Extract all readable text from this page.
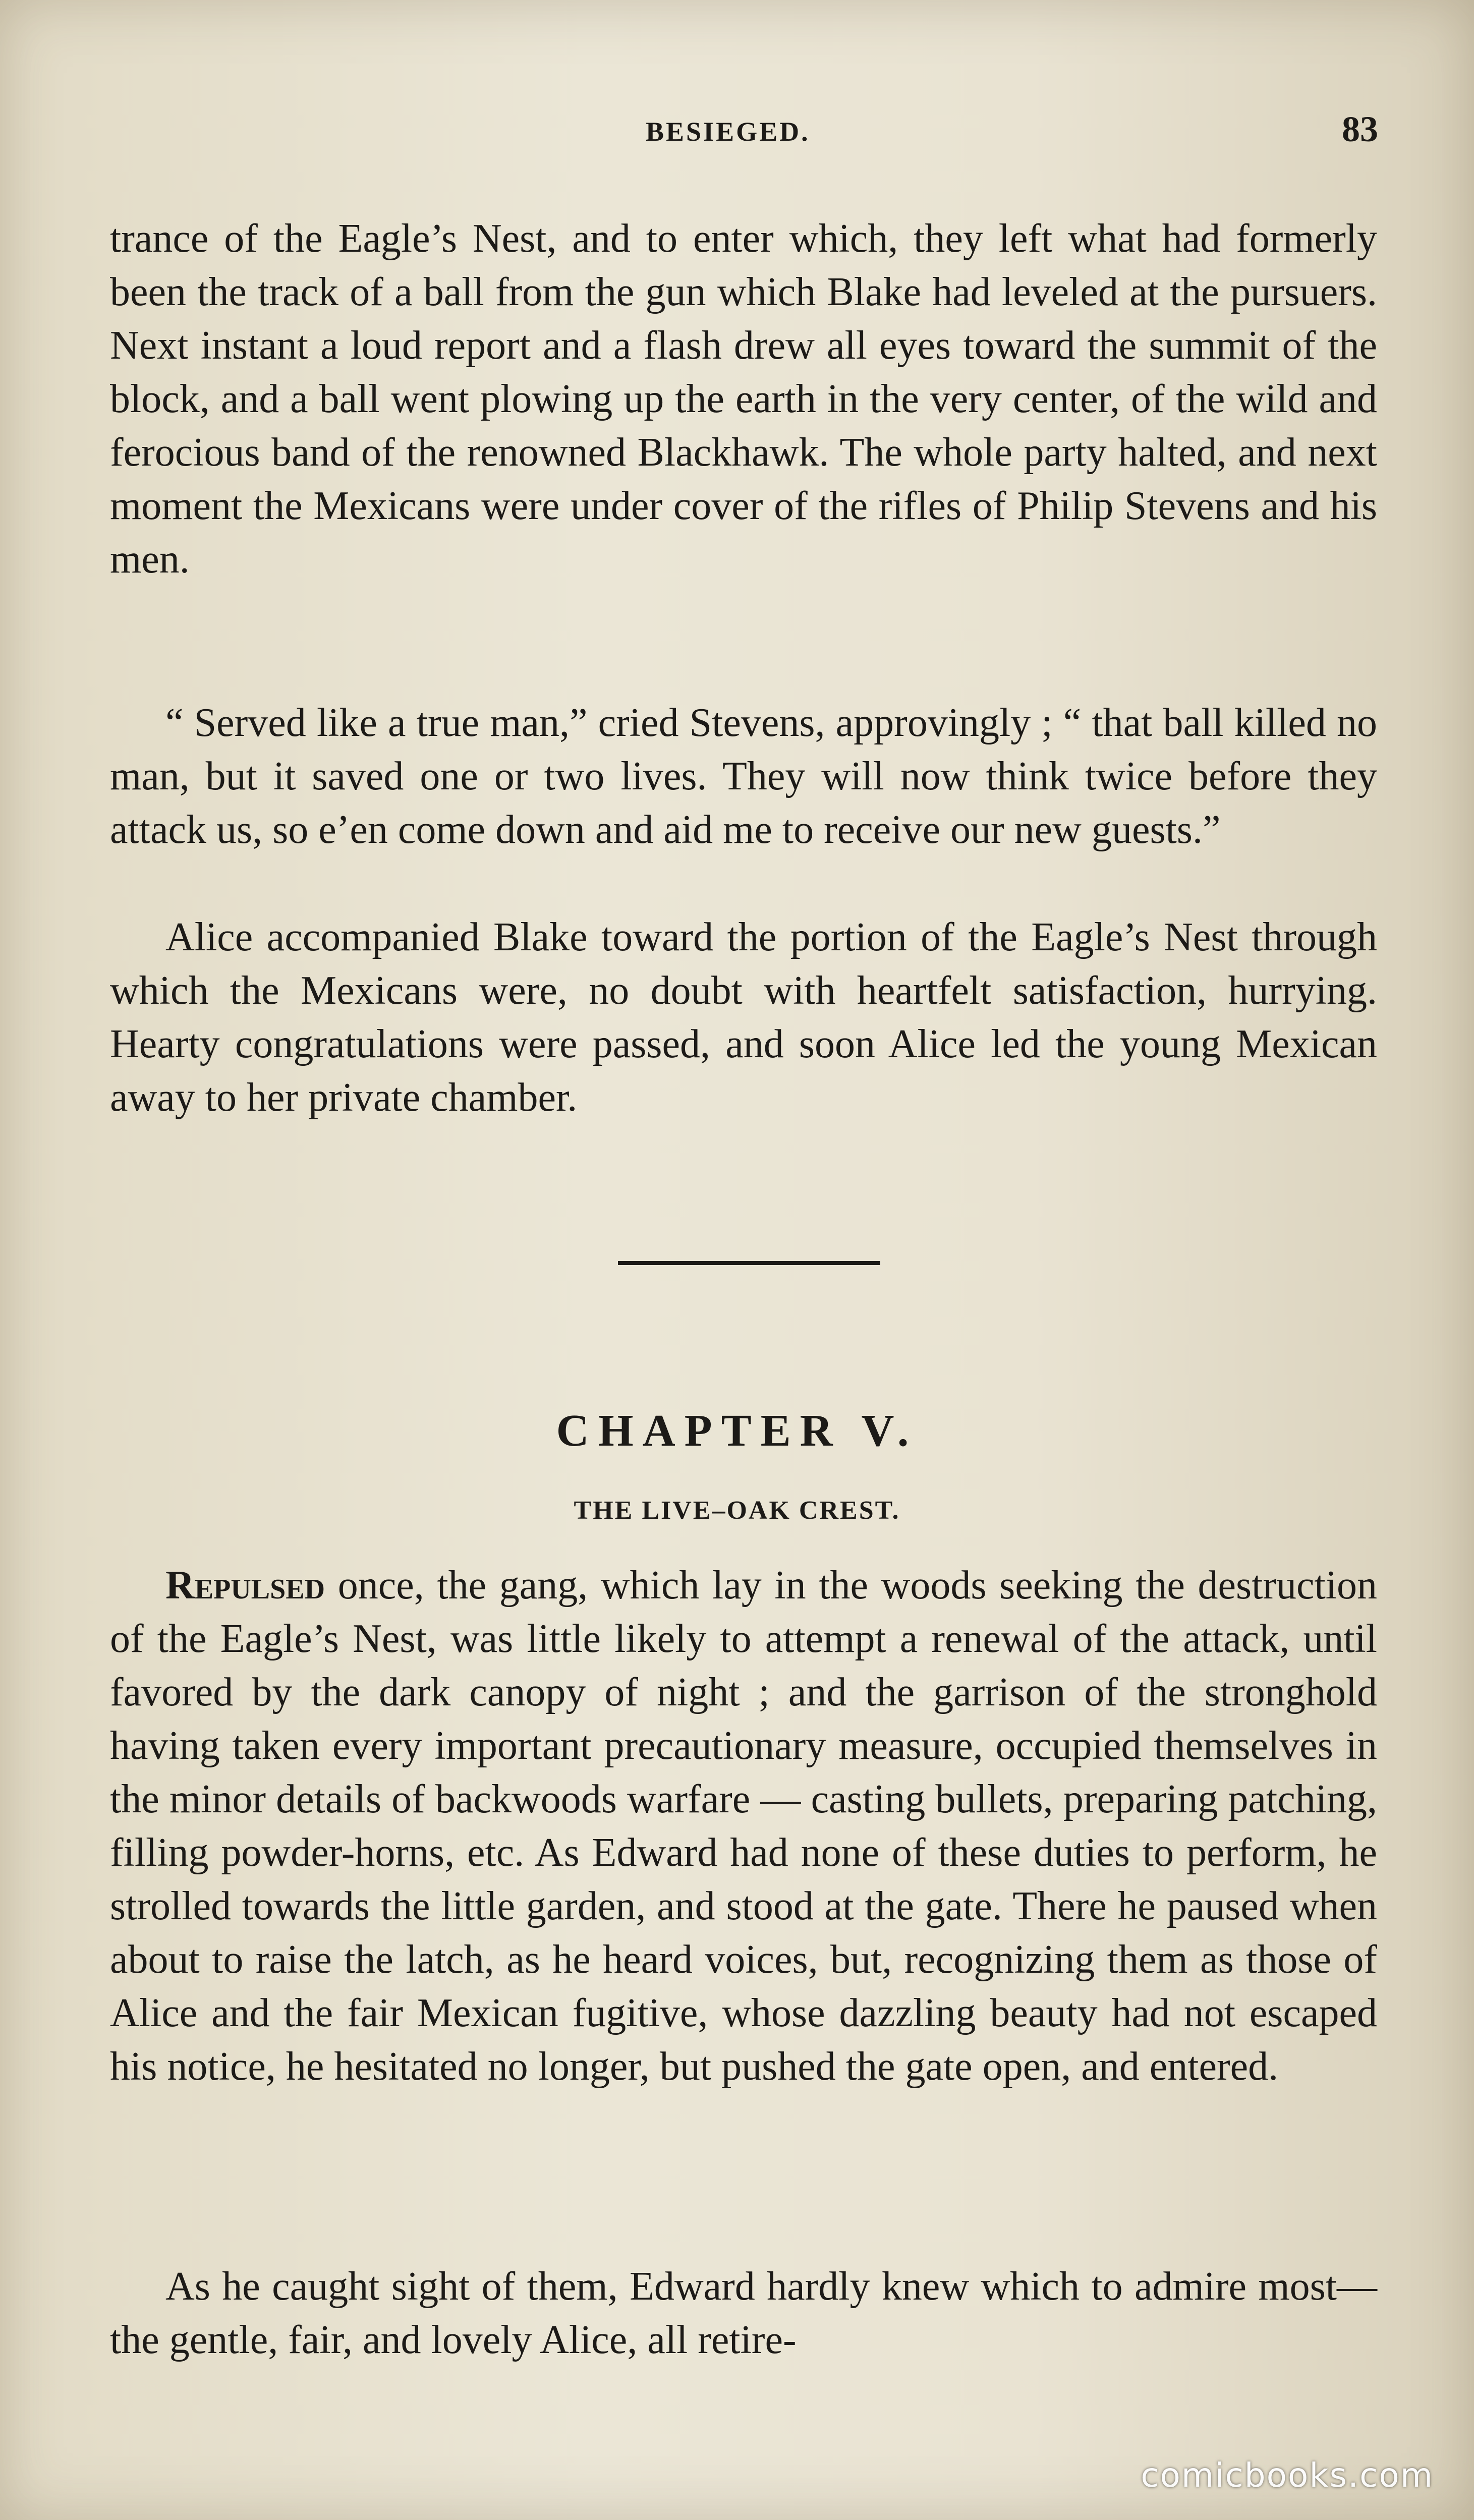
BESIEGED.	83

trance of the Eagle’s Nest, and to enter which, they left what had formerly been the track of a ball from the gun which Blake had leveled at the pursuers. Next instant a loud report and a flash drew all eyes toward the summit of the block, and a ball went plowing up the earth in the very center, of the wild and ferocious band of the renowned Blackhawk. The whole party halted, and next moment the Mexicans were under cover of the rifles of Philip Stevens and his men.

“ Served like a true man,” cried Stevens, approvingly ; “ that ball killed no man, but it saved one or two lives. They will now think twice before they attack us, so e’en come down and aid me to receive our new guests.”

Alice accompanied Blake toward the portion of the Eagle’s Nest through which the Mexicans were, no doubt with heartfelt satisfaction, hurrying. Hearty congratulations were passed, and soon Alice led the young Mexican away to her private chamber.

CHAPTER V.
THE LIVE–OAK CREST.

Repulsed once, the gang, which lay in the woods seeking the destruction of the Eagle’s Nest, was little likely to attempt a renewal of the attack, until favored by the dark canopy of night ; and the garrison of the stronghold having taken every important precautionary measure, occupied themselves in the minor details of backwoods warfare — casting bullets, preparing patching, filling powder-horns, etc. As Edward had none of these duties to perform, he strolled towards the little garden, and stood at the gate. There he paused when about to raise the latch, as he heard voices, but, recognizing them as those of Alice and the fair Mexican fugitive, whose dazzling beauty had not escaped his notice, he hesitated no longer, but pushed the gate open, and entered.

As he caught sight of them, Edward hardly knew which to admire most—the gentle, fair, and lovely Alice, all retire-

comicbooks.com
